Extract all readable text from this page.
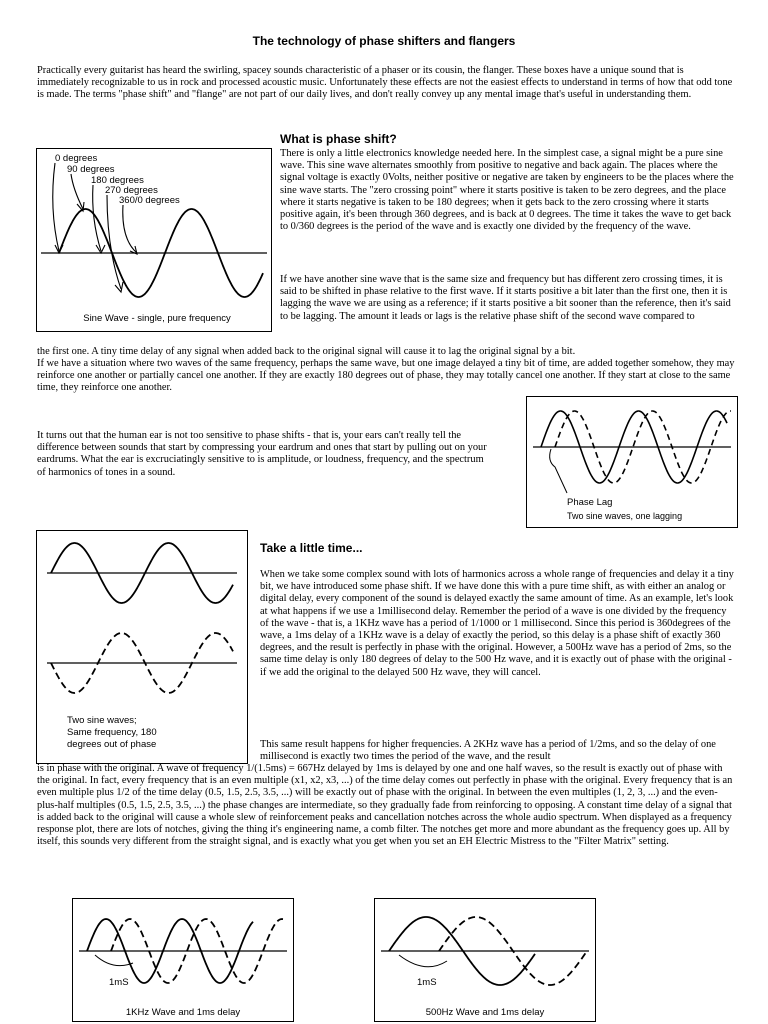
The technology of phase shifters and flangers

Practically every guitarist has heard the swirling, spacey sounds characteristic of a phaser or its cousin, the flanger. These boxes have a unique sound that is immediately recognizable to us in rock and processed acoustic music. Unfortunately these effects are not the easiest effects to understand in terms of how that odd tone is made. The terms "phase shift" and "flange" are not part of our daily lives, and don't really convey up any mental image that's useful in understanding them.

0 degrees
90 degrees
180 degrees
270 degrees
360/0 degrees
Sine Wave - single, pure frequency
What is phase shift?

There is only a little electronics knowledge needed here. In the simplest case, a signal might be a pure sine wave. This sine wave alternates smoothly from positive to negative and back again. The places where the signal voltage is exactly 0Volts, neither positive or negative are taken by engineers to be the places where the sine wave starts. The "zero crossing point" where it starts positive is taken to be zero degrees, and the place where it starts negative is taken to be 180 degrees; when it gets back to the zero crossing where it starts positive again, it's been through 360 degrees, and is back at 0 degrees. The time it takes the wave to get back to 0/360 degrees is the period of the wave and is exactly one divided by the frequency of the wave.

If we have another sine wave that is the same size and frequency but has different zero crossing times, it is said to be shifted in phase relative to the first wave. If it starts positive a bit later than the first one, then it is lagging the wave we are using as a reference; if it starts positive a bit sooner than the reference, then it's said to be lagging. The amount it leads or lags is the relative phase shift of the second wave compared to

the first one. A tiny time delay of any signal when added back to the original signal will cause it to lag the original signal by a bit.

If we have a situation where two waves of the same frequency, perhaps the same wave, but one image delayed a tiny bit of time, are added together somehow, they may reinforce one another or partially cancel one another. If they are exactly 180 degrees out of phase, they may totally cancel one another. If they start at close to the same time, they reinforce one another.

It turns out that the human ear is not too sensitive to phase shifts - that is, your ears can't really tell the difference between sounds that start by compressing your eardrum and ones that start by pulling out on your eardrums. What the ear is excruciatingly sensitive to is amplitude, or loudness, frequency, and the spectrum of harmonics of tones in a sound.

Phase Lag
Two sine waves, one lagging
Two sine waves;
Same frequency, 180
degrees out of phase
Take a little time...

When we take some complex sound with lots of harmonics across a whole range of frequencies and delay it a tiny bit, we have introduced some phase shift. If we have done this with a pure time shift, as with either an analog or digital delay, every component of the sound is delayed exactly the same amount of time. As an example, let's look at what happens if we use a 1millisecond delay. Remember the period of a wave is one divided by the frequency of the wave - that is, a 1KHz wave has a period of 1/1000 or 1 millisecond. Since this period is 360degrees of the wave, a 1ms delay of a 1KHz wave is a delay of exactly the period, so this delay is a phase shift of exactly 360 degrees, and the result is perfectly in phase with the original. However, a 500Hz wave has a period of 2ms, so the same time delay is only 180 degrees of delay to the 500 Hz wave, and it is exactly out of phase with the original - if we add the original to the delayed 500 Hz wave, they will cancel.

This same result happens for higher frequencies. A 2KHz wave has a period of 1/2ms, and so the delay of one millisecond is exactly two times the period of the wave, and the result

is in phase with the original. A wave of frequency 1/(1.5ms) = 667Hz delayed by 1ms is delayed by one and one half waves, so the result is exactly out of phase with the original. In fact, every frequency that is an even multiple (x1, x2, x3, ...) of the time delay comes out perfectly in phase with the original. Every frequency that is an even multiple plus 1/2 of the time delay (0.5, 1.5, 2.5, 3.5, ...) will be exactly out of phase with the original. In between the even multiples (1, 2, 3, ...) and the even-plus-half multiples (0.5, 1.5, 2.5, 3.5, ...) the phase changes are intermediate, so they gradually fade from reinforcing to opposing. A constant time delay of a signal that is added back to the original will cause a whole slew of reinforcement peaks and cancellation notches across the whole audio spectrum. When displayed as a frequency response plot, there are lots of notches, giving the thing it's engineering name, a comb filter. The notches get more and more abundant as the frequency goes up. All by itself, this sounds very different from the straight signal, and is exactly what you get when you set an EH Electric Mistress to the "Filter Matrix" setting.

1mS
1KHz Wave and 1ms delay
1mS
500Hz Wave and 1ms delay
